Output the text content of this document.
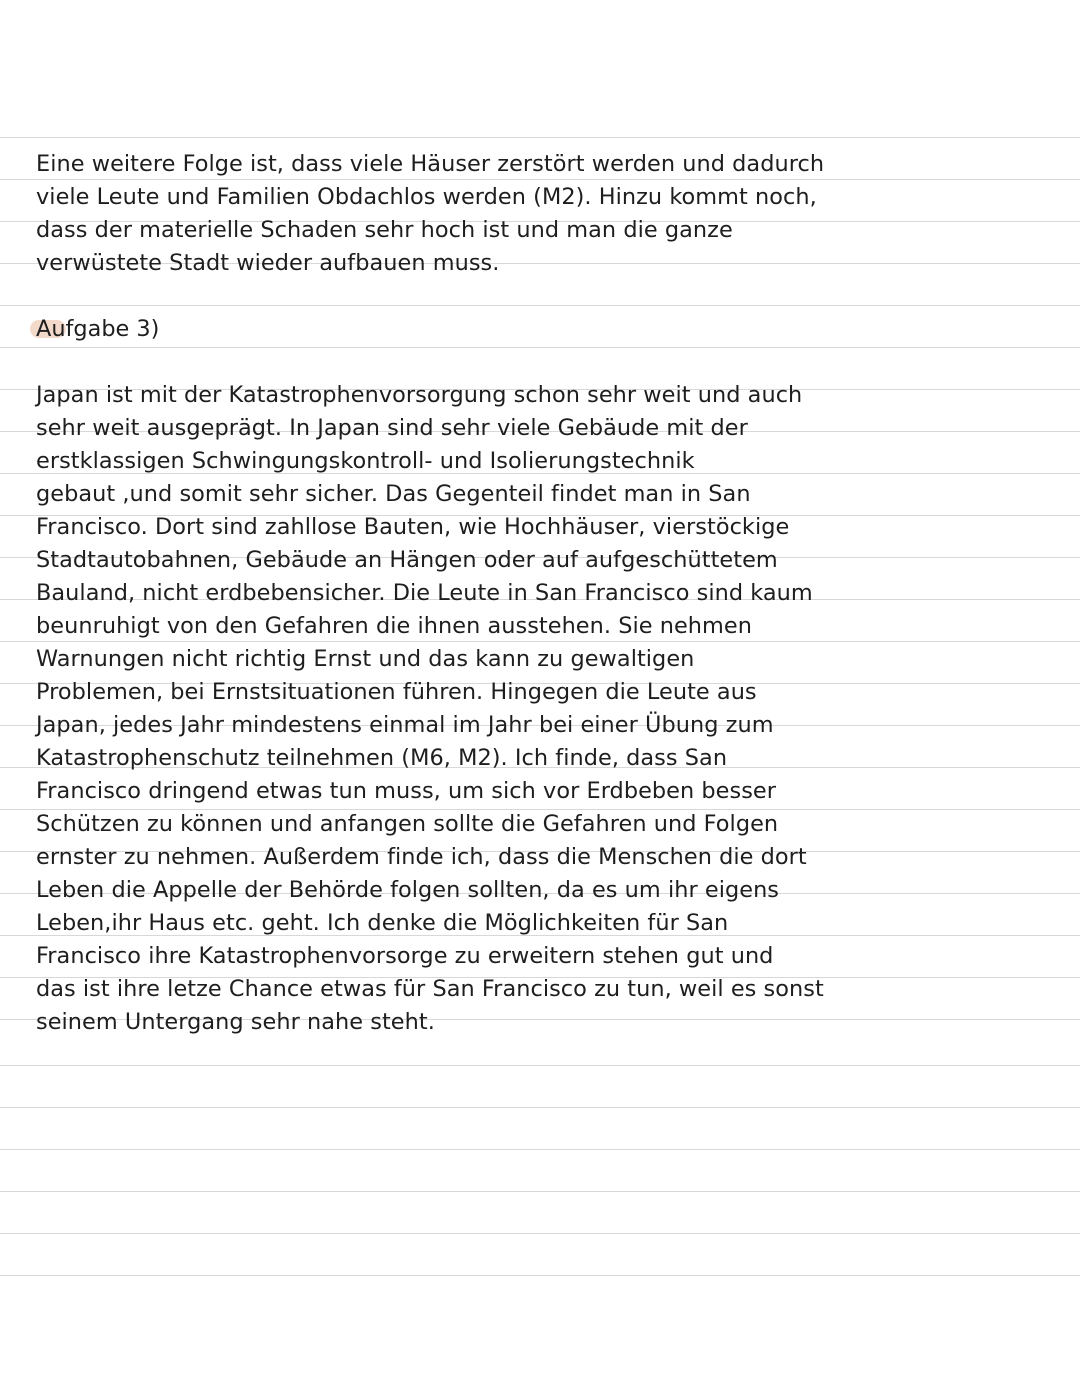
Eine weitere Folge ist, dass viele Häuser zerstört werden und dadurch
viele Leute und Familien Obdachlos werden (M2). Hinzu kommt noch,
dass der materielle Schaden sehr hoch ist und man die ganze
verwüstete Stadt wieder aufbauen muss.
Aufgabe 3)
Japan ist mit der Katastrophenvorsorgung schon sehr weit und auch
sehr weit ausgeprägt. In Japan sind sehr viele Gebäude mit der
erstklassigen Schwingungskontroll- und Isolierungstechnik
gebaut ,und somit sehr sicher. Das Gegenteil findet man in San
Francisco. Dort sind zahllose Bauten, wie Hochhäuser, vierstöckige
Stadtautobahnen, Gebäude an Hängen oder auf aufgeschüttetem
Bauland, nicht erdbebensicher. Die Leute in San Francisco sind kaum
beunruhigt von den Gefahren die ihnen ausstehen. Sie nehmen
Warnungen nicht richtig Ernst und das kann zu gewaltigen
Problemen, bei Ernstsituationen führen. Hingegen die Leute aus
Japan, jedes Jahr mindestens einmal im Jahr bei einer Übung zum
Katastrophenschutz teilnehmen (M6, M2). Ich finde, dass San
Francisco dringend etwas tun muss, um sich vor Erdbeben besser
Schützen zu können und anfangen sollte die Gefahren und Folgen
ernster zu nehmen. Außerdem finde ich, dass die Menschen die dort
Leben die Appelle der Behörde folgen sollten, da es um ihr eigens
Leben,ihr Haus etc. geht. Ich denke die Möglichkeiten für San
Francisco ihre Katastrophenvorsorge zu erweitern stehen gut und
das ist ihre letze Chance etwas für San Francisco zu tun, weil es sonst
seinem Untergang sehr nahe steht.
